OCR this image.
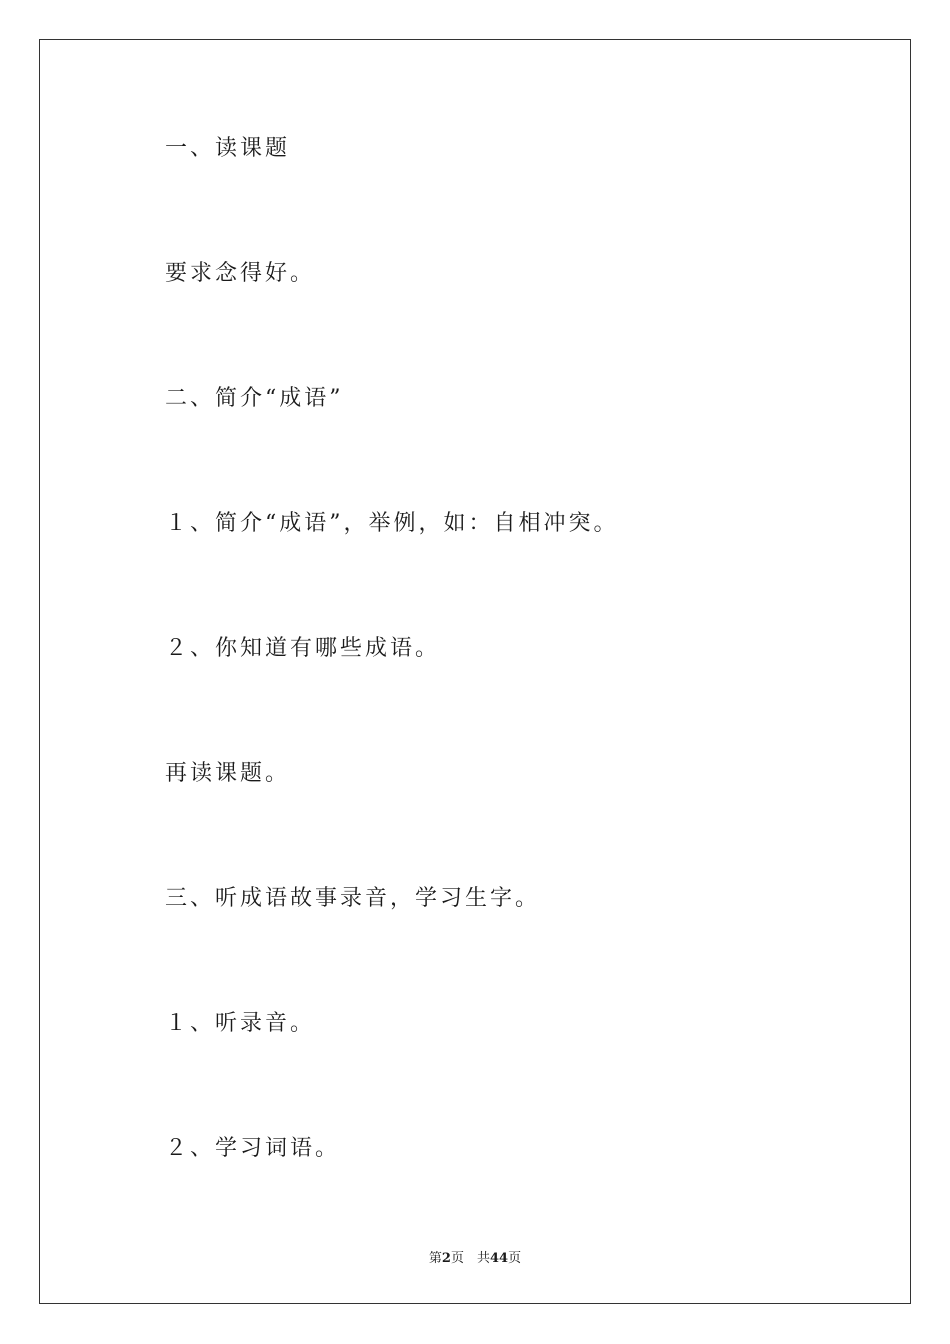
一、读课题
要求念得好。
二、简介“成语”
１、简介“成语”，举例，如：自相冲突。
２、你知道有哪些成语。
再读课题。
三、听成语故事录音，学习生字。
１、听录音。
２、学习词语。
第2页　共44页
